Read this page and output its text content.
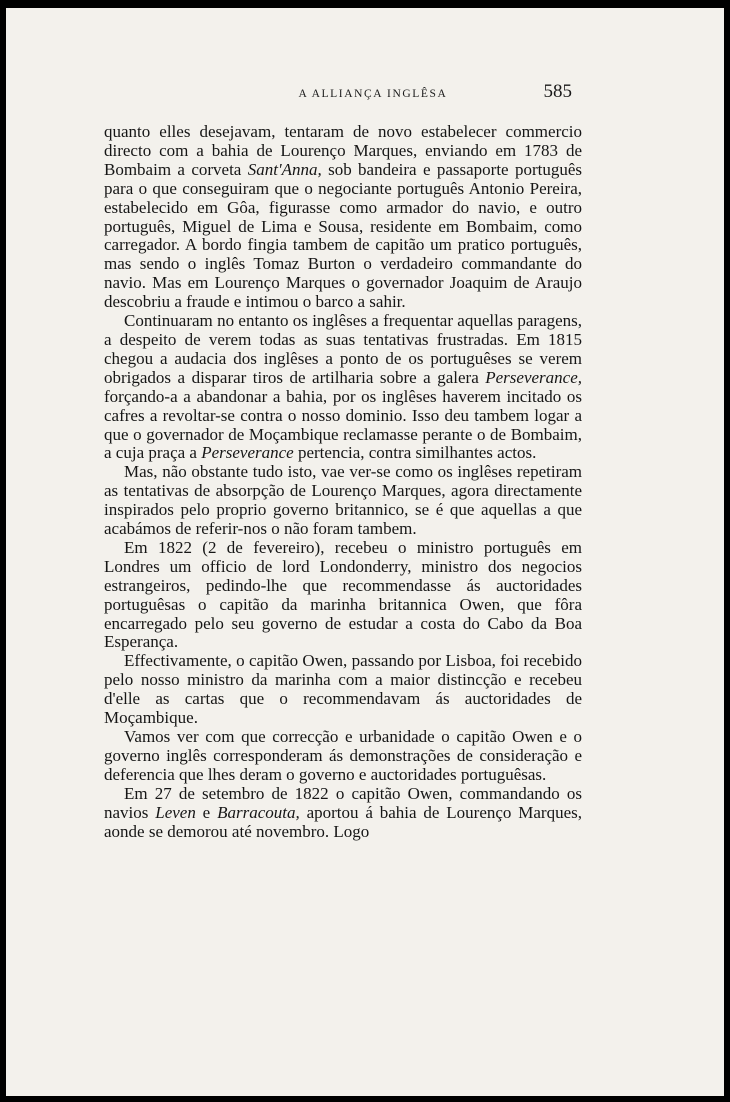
A ALLIANÇA INGLÊSA	585

quanto elles desejavam, tentaram de novo estabelecer commercio directo com a bahia de Lourenço Marques, enviando em 1783 de Bombaim a corveta Sant'Anna, sob bandeira e passaporte português para o que conseguiram que o negociante português Antonio Pereira, estabelecido em Gôa, figurasse como armador do navio, e outro português, Miguel de Lima e Sousa, residente em Bombaim, como carregador. A bordo fingia tambem de capitão um pratico português, mas sendo o inglês Tomaz Burton o verdadeiro commandante do navio. Mas em Lourenço Marques o governador Joaquim de Araujo descobriu a fraude e intimou o barco a sahir.

Continuaram no entanto os inglêses a frequentar aquellas paragens, a despeito de verem todas as suas tentativas frustradas. Em 1815 chegou a audacia dos inglêses a ponto de os portuguêses se verem obrigados a disparar tiros de artilharia sobre a galera Perseverance, forçando-a a abandonar a bahia, por os inglêses haverem incitado os cafres a revoltar-se contra o nosso dominio. Isso deu tambem logar a que o governador de Moçambique reclamasse perante o de Bombaim, a cuja praça a Perseverance pertencia, contra similhantes actos.

Mas, não obstante tudo isto, vae ver-se como os inglêses repetiram as tentativas de absorpção de Lourenço Marques, agora directamente inspirados pelo proprio governo britannico, se é que aquellas a que acabámos de referir-nos o não foram tambem.

Em 1822 (2 de fevereiro), recebeu o ministro português em Londres um officio de lord Londonderry, ministro dos negocios estrangeiros, pedindo-lhe que recommendasse ás auctoridades portuguêsas o capitão da marinha britannica Owen, que fôra encarregado pelo seu governo de estudar a costa do Cabo da Boa Esperança.

Effectivamente, o capitão Owen, passando por Lisboa, foi recebido pelo nosso ministro da marinha com a maior distincção e recebeu d'elle as cartas que o recommendavam ás auctoridades de Moçambique.

Vamos ver com que correcção e urbanidade o capitão Owen e o governo inglês corresponderam ás demonstrações de consideração e deferencia que lhes deram o governo e auctoridades portuguêsas.

Em 27 de setembro de 1822 o capitão Owen, commandando os navios Leven e Barracouta, aportou á bahia de Lourenço Marques, aonde se demorou até novembro. Logo
